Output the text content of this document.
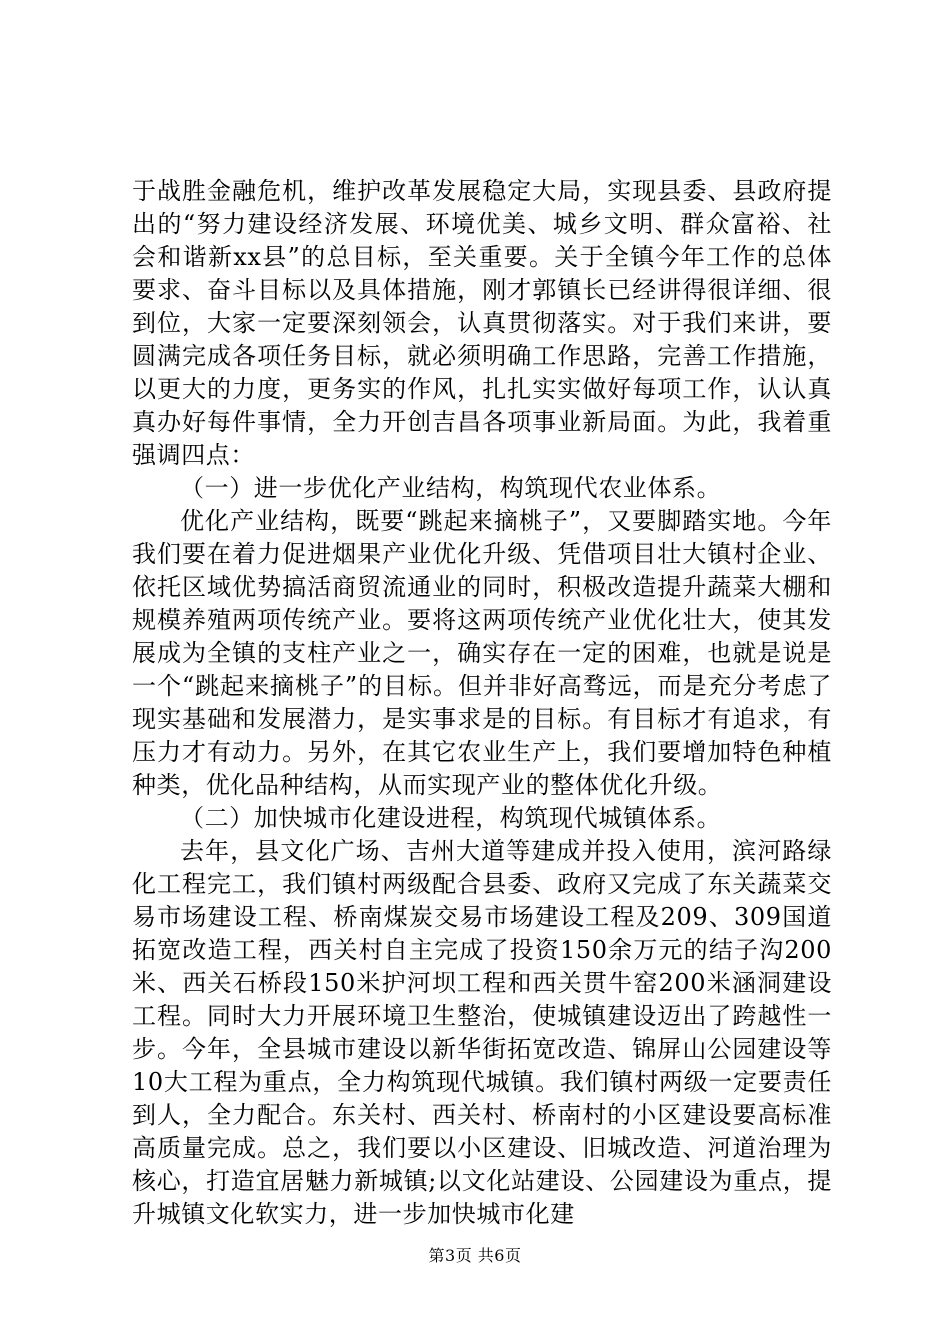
于战胜金融危机，维护改革发展稳定大局，实现县委、县政府提出的“努力建设经济发展、环境优美、城乡文明、群众富裕、社会和谐新xx县”的总目标，至关重要。关于全镇今年工作的总体要求、奋斗目标以及具体措施，刚才郭镇长已经讲得很详细、很到位，大家一定要深刻领会，认真贯彻落实。对于我们来讲，要圆满完成各项任务目标，就必须明确工作思路，完善工作措施，以更大的力度，更务实的作风，扎扎实实做好每项工作，认认真真办好每件事情，全力开创吉昌各项事业新局面。为此，我着重强调四点：

（一）进一步优化产业结构，构筑现代农业体系。

优化产业结构，既要“跳起来摘桃子”，又要脚踏实地。今年我们要在着力促进烟果产业优化升级、凭借项目壮大镇村企业、依托区域优势搞活商贸流通业的同时，积极改造提升蔬菜大棚和规模养殖两项传统产业。要将这两项传统产业优化壮大，使其发展成为全镇的支柱产业之一，确实存在一定的困难，也就是说是一个“跳起来摘桃子”的目标。但并非好高骛远，而是充分考虑了现实基础和发展潜力，是实事求是的目标。有目标才有追求，有压力才有动力。另外，在其它农业生产上，我们要增加特色种植种类，优化品种结构，从而实现产业的整体优化升级。

（二）加快城市化建设进程，构筑现代城镇体系。

去年，县文化广场、吉州大道等建成并投入使用，滨河路绿化工程完工，我们镇村两级配合县委、政府又完成了东关蔬菜交易市场建设工程、桥南煤炭交易市场建设工程及209、309国道拓宽改造工程，西关村自主完成了投资150余万元的结子沟200米、西关石桥段150米护河坝工程和西关贯牛窑200米涵洞建设工程。同时大力开展环境卫生整治，使城镇建设迈出了跨越性一步。今年，全县城市建设以新华街拓宽改造、锦屏山公园建设等10大工程为重点，全力构筑现代城镇。我们镇村两级一定要责任到人，全力配合。东关村、西关村、桥南村的小区建设要高标准高质量完成。总之，我们要以小区建设、旧城改造、河道治理为核心，打造宜居魅力新城镇;以文化站建设、公园建设为重点，提升城镇文化软实力，进一步加快城市化建

第3页 共6页
